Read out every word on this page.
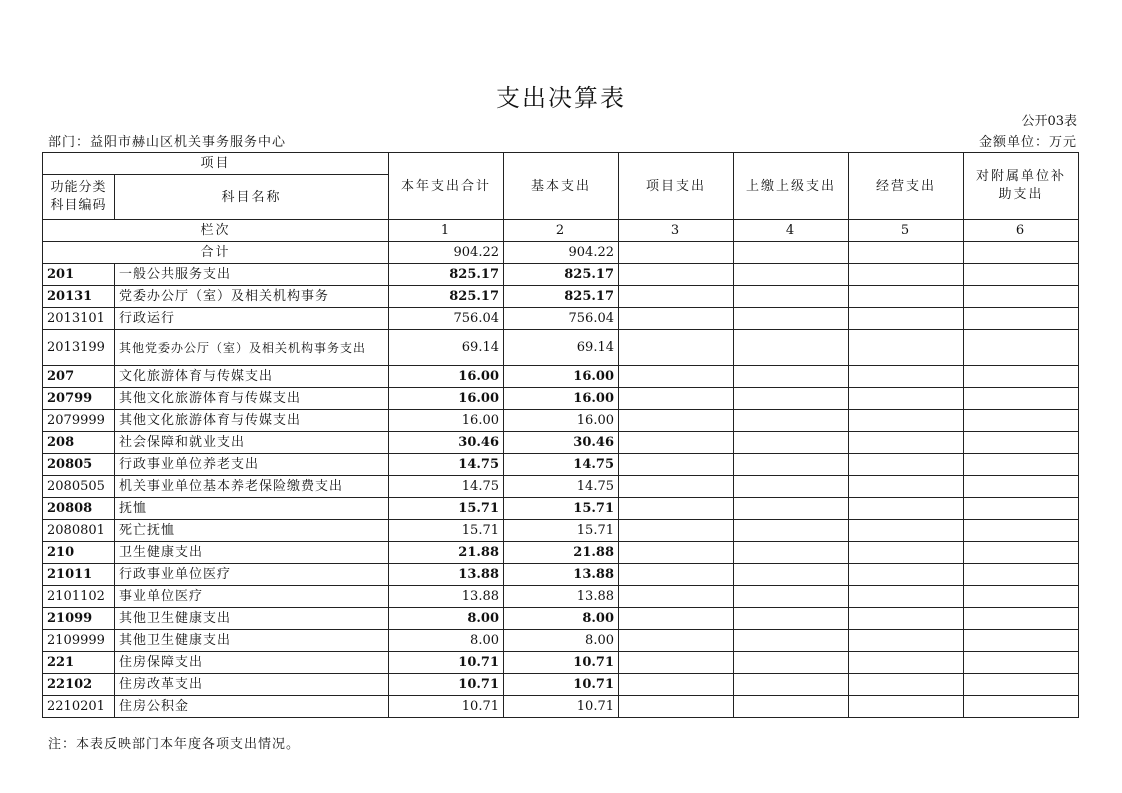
支出决算表
公开03表
部门：益阳市赫山区机关事务服务中心	金额单位：万元
项目		本年支出合计	基本支出	项目支出	上缴上级支出	经营支出	对附属单位补助支出
功能分类科目编码	科目名称						
栏次		1	2	3	4	5	6
合计		904.22	904.22				
201	一般公共服务支出	825.17	825.17				
20131	党委办公厅（室）及相关机构事务	825.17	825.17				
2013101	行政运行	756.04	756.04				
2013199	其他党委办公厅（室）及相关机构事务支出	69.14	69.14				
207	文化旅游体育与传媒支出	16.00	16.00				
20799	其他文化旅游体育与传媒支出	16.00	16.00				
2079999	其他文化旅游体育与传媒支出	16.00	16.00				
208	社会保障和就业支出	30.46	30.46				
20805	行政事业单位养老支出	14.75	14.75				
2080505	机关事业单位基本养老保险缴费支出	14.75	14.75				
20808	抚恤	15.71	15.71				
2080801	死亡抚恤	15.71	15.71				
210	卫生健康支出	21.88	21.88				
21011	行政事业单位医疗	13.88	13.88				
2101102	事业单位医疗	13.88	13.88				
21099	其他卫生健康支出	8.00	8.00				
2109999	其他卫生健康支出	8.00	8.00				
221	住房保障支出	10.71	10.71				
22102	住房改革支出	10.71	10.71				
2210201	住房公积金	10.71	10.71				
注：本表反映部门本年度各项支出情况。
